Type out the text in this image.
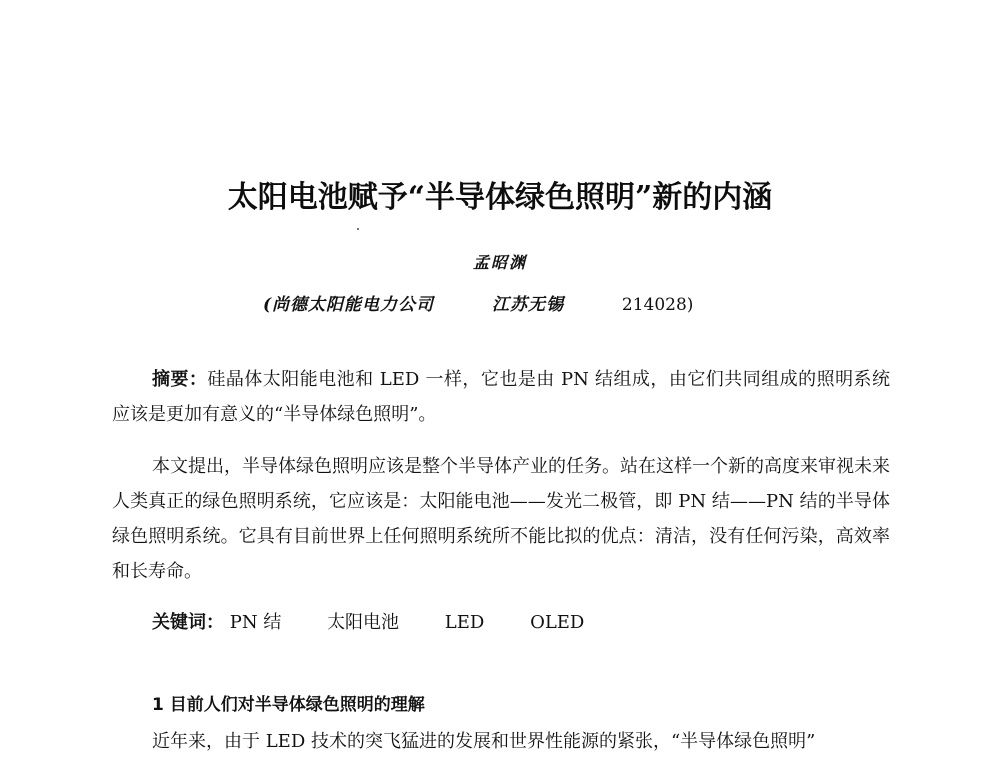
太阳电池赋予“半导体绿色照明”新的内涵
孟昭渊
(尚德太阳能电力公司	江苏无锡	214028)

摘要：硅晶体太阳能电池和 LED 一样，它也是由 PN 结组成，由它们共同组成的照明系统应该是更加有意义的“半导体绿色照明”。

本文提出，半导体绿色照明应该是整个半导体产业的任务。站在这样一个新的高度来审视未来人类真正的绿色照明系统，它应该是：太阳能电池——发光二极管，即 PN 结——PN 结的半导体绿色照明系统。它具有目前世界上任何照明系统所不能比拟的优点：清洁，没有任何污染，高效率和长寿命。

关键词： PN 结	太阳电池	LED	OLED
1 目前人们对半导体绿色照明的理解
近年来，由于 LED 技术的突飞猛进的发展和世界性能源的紧张，“半导体绿色照明”
